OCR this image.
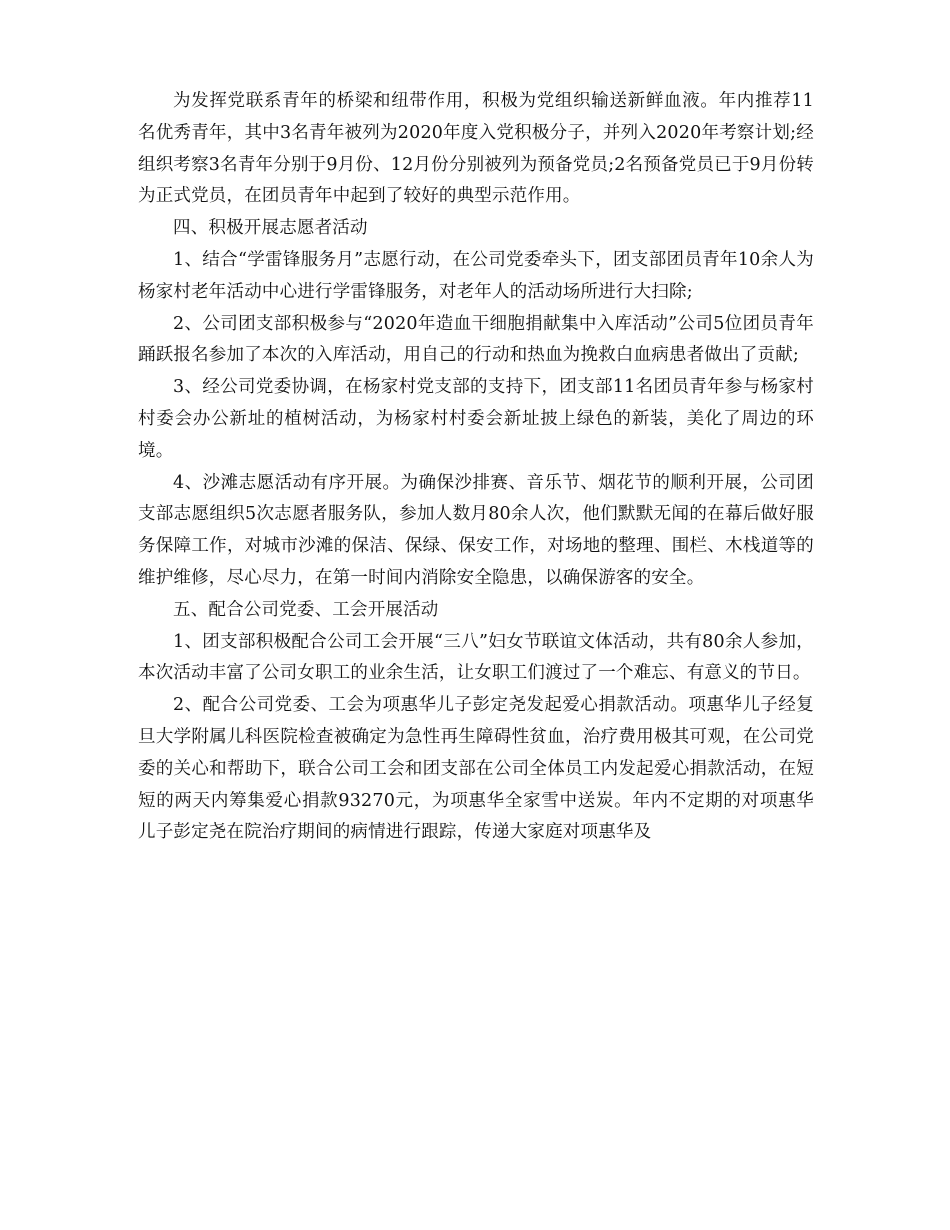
为发挥党联系青年的桥梁和纽带作用，积极为党组织输送新鲜血液。年内推荐11名优秀青年，其中3名青年被列为2020年度入党积极分子，并列入2020年考察计划;经组织考察3名青年分别于9月份、12月份分别被列为预备党员;2名预备党员已于9月份转为正式党员，在团员青年中起到了较好的典型示范作用。

四、积极开展志愿者活动

1、结合“学雷锋服务月”志愿行动，在公司党委牵头下，团支部团员青年10余人为杨家村老年活动中心进行学雷锋服务，对老年人的活动场所进行大扫除;

2、公司团支部积极参与“2020年造血干细胞捐献集中入库活动”公司5位团员青年踊跃报名参加了本次的入库活动，用自己的行动和热血为挽救白血病患者做出了贡献;

3、经公司党委协调，在杨家村党支部的支持下，团支部11名团员青年参与杨家村村委会办公新址的植树活动，为杨家村村委会新址披上绿色的新装，美化了周边的环境。

4、沙滩志愿活动有序开展。为确保沙排赛、音乐节、烟花节的顺利开展，公司团支部志愿组织5次志愿者服务队，参加人数月80余人次，他们默默无闻的在幕后做好服务保障工作，对城市沙滩的保洁、保绿、保安工作，对场地的整理、围栏、木栈道等的维护维修，尽心尽力，在第一时间内消除安全隐患，以确保游客的安全。

五、配合公司党委、工会开展活动

1、团支部积极配合公司工会开展“三八”妇女节联谊文体活动，共有80余人参加，本次活动丰富了公司女职工的业余生活，让女职工们渡过了一个难忘、有意义的节日。

2、配合公司党委、工会为项惠华儿子彭定尧发起爱心捐款活动。项惠华儿子经复旦大学附属儿科医院检查被确定为急性再生障碍性贫血，治疗费用极其可观，在公司党委的关心和帮助下，联合公司工会和团支部在公司全体员工内发起爱心捐款活动，在短短的两天内筹集爱心捐款93270元，为项惠华全家雪中送炭。年内不定期的对项惠华儿子彭定尧在院治疗期间的病情进行跟踪，传递大家庭对项惠华及
